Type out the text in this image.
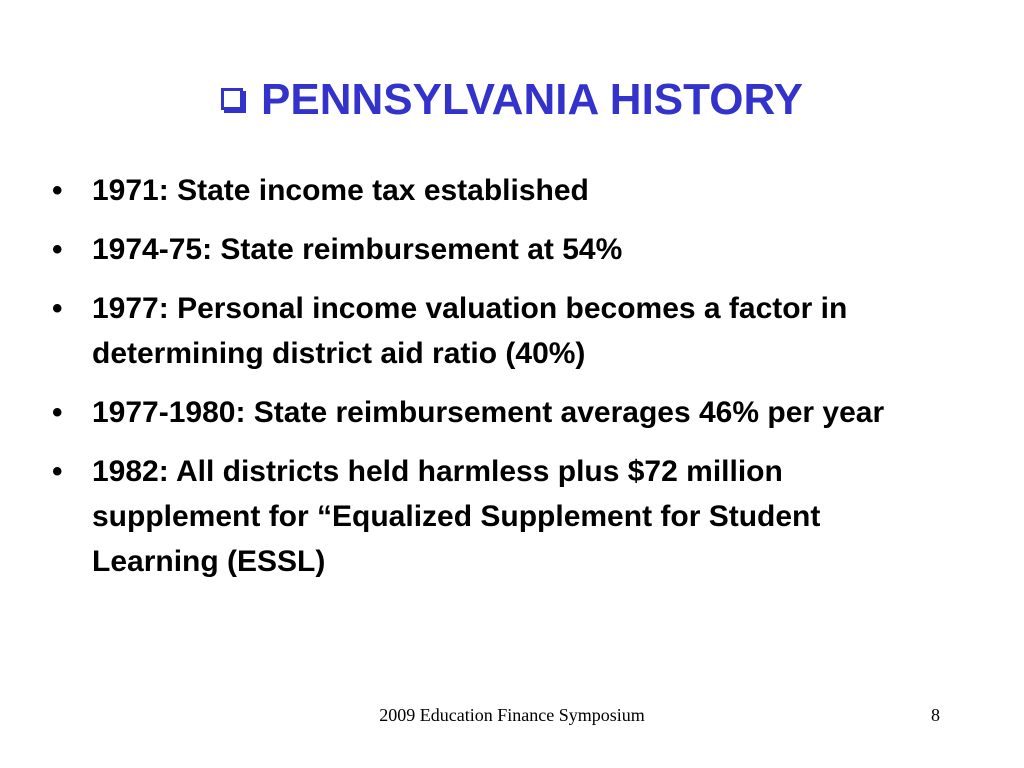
PENNSYLVANIA HISTORY
• 1971: State income tax established
• 1974-75: State reimbursement at 54%
• 1977: Personal income valuation becomes a factor in determining district aid ratio (40%)
• 1977-1980: State reimbursement averages 46% per year
• 1982: All districts held harmless plus $72 million supplement for “Equalized Supplement for Student Learning (ESSL)
2009 Education Finance Symposium	8
